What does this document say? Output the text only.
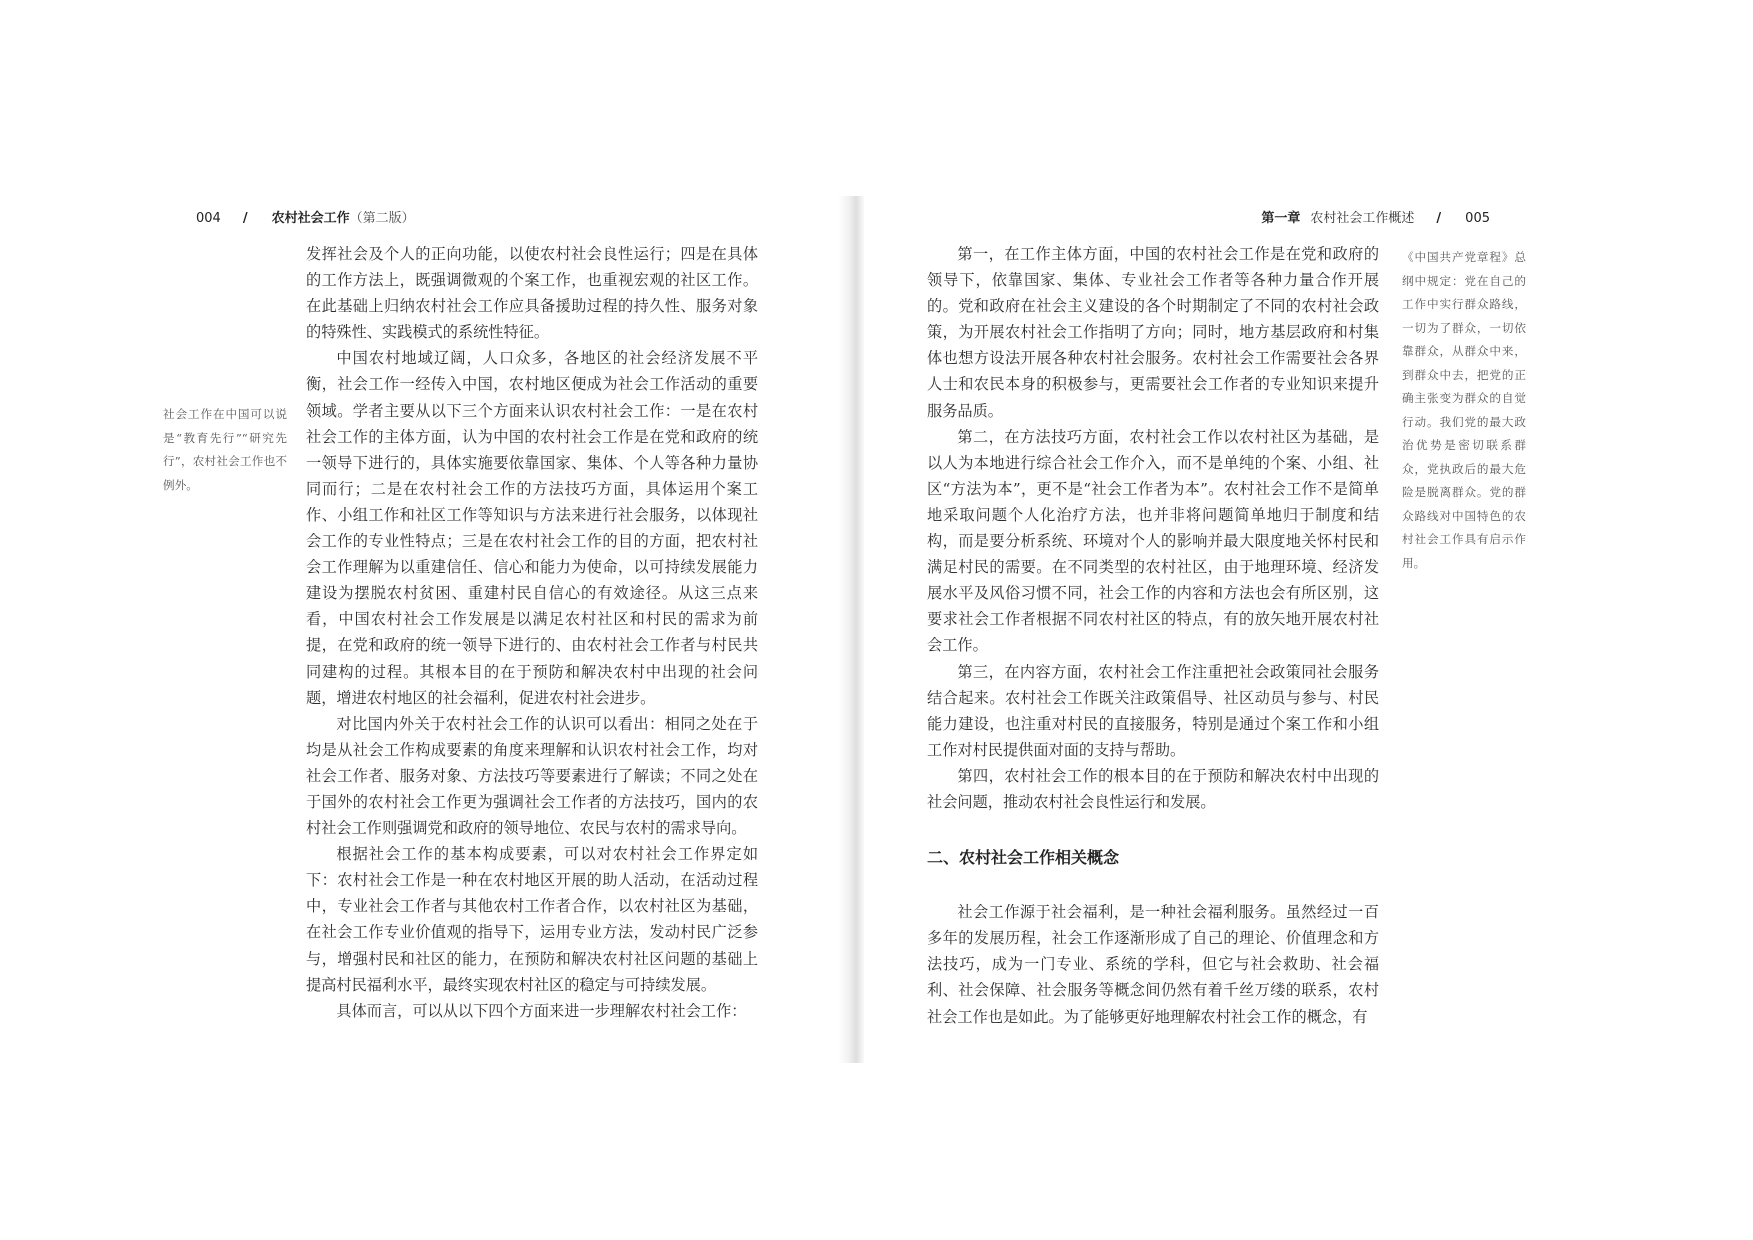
004 / 农村社会工作（第二版）	第一章 农村社会工作概述 / 005
社会工作在中国可以说是“教育先行”“研究先行”，农村社会工作也不例外。

发挥社会及个人的正向功能，以使农村社会良性运行；四是在具体的工作方法上，既强调微观的个案工作，也重视宏观的社区工作。在此基础上归纳农村社会工作应具备援助过程的持久性、服务对象的特殊性、实践模式的系统性特征。

中国农村地域辽阔，人口众多，各地区的社会经济发展不平衡，社会工作一经传入中国，农村地区便成为社会工作活动的重要领域。学者主要从以下三个方面来认识农村社会工作：一是在农村社会工作的主体方面，认为中国的农村社会工作是在党和政府的统一领导下进行的，具体实施要依靠国家、集体、个人等各种力量协同而行；二是在农村社会工作的方法技巧方面，具体运用个案工作、小组工作和社区工作等知识与方法来进行社会服务，以体现社会工作的专业性特点；三是在农村社会工作的目的方面，把农村社会工作理解为以重建信任、信心和能力为使命，以可持续发展能力建设为摆脱农村贫困、重建村民自信心的有效途径。从这三点来看，中国农村社会工作发展是以满足农村社区和村民的需求为前提，在党和政府的统一领导下进行的、由农村社会工作者与村民共同建构的过程。其根本目的在于预防和解决农村中出现的社会问题，增进农村地区的社会福利，促进农村社会进步。

对比国内外关于农村社会工作的认识可以看出：相同之处在于均是从社会工作构成要素的角度来理解和认识农村社会工作，均对社会工作者、服务对象、方法技巧等要素进行了解读；不同之处在于国外的农村社会工作更为强调社会工作者的方法技巧，国内的农村社会工作则强调党和政府的领导地位、农民与农村的需求导向。

根据社会工作的基本构成要素，可以对农村社会工作界定如下：农村社会工作是一种在农村地区开展的助人活动，在活动过程中，专业社会工作者与其他农村工作者合作，以农村社区为基础，在社会工作专业价值观的指导下，运用专业方法，发动村民广泛参与，增强村民和社区的能力，在预防和解决农村社区问题的基础上提高村民福利水平，最终实现农村社区的稳定与可持续发展。

具体而言，可以从以下四个方面来进一步理解农村社会工作：

第一，在工作主体方面，中国的农村社会工作是在党和政府的领导下，依靠国家、集体、专业社会工作者等各种力量合作开展的。党和政府在社会主义建设的各个时期制定了不同的农村社会政策，为开展农村社会工作指明了方向；同时，地方基层政府和村集体也想方设法开展各种农村社会服务。农村社会工作需要社会各界人士和农民本身的积极参与，更需要社会工作者的专业知识来提升服务品质。

第二，在方法技巧方面，农村社会工作以农村社区为基础，是以人为本地进行综合社会工作介入，而不是单纯的个案、小组、社区“方法为本”，更不是“社会工作者为本”。农村社会工作不是简单地采取问题个人化治疗方法，也并非将问题简单地归于制度和结构，而是要分析系统、环境对个人的影响并最大限度地关怀村民和满足村民的需要。在不同类型的农村社区，由于地理环境、经济发展水平及风俗习惯不同，社会工作的内容和方法也会有所区别，这要求社会工作者根据不同农村社区的特点，有的放矢地开展农村社会工作。

第三，在内容方面，农村社会工作注重把社会政策同社会服务结合起来。农村社会工作既关注政策倡导、社区动员与参与、村民能力建设，也注重对村民的直接服务，特别是通过个案工作和小组工作对村民提供面对面的支持与帮助。

第四，农村社会工作的根本目的在于预防和解决农村中出现的社会问题，推动农村社会良性运行和发展。

二、农村社会工作相关概念

社会工作源于社会福利，是一种社会福利服务。虽然经过一百多年的发展历程，社会工作逐渐形成了自己的理论、价值理念和方法技巧，成为一门专业、系统的学科，但它与社会救助、社会福利、社会保障、社会服务等概念间仍然有着千丝万缕的联系，农村社会工作也是如此。为了能够更好地理解农村社会工作的概念，有

《中国共产党章程》总纲中规定：党在自己的工作中实行群众路线，一切为了群众，一切依靠群众，从群众中来，到群众中去，把党的正确主张变为群众的自觉行动。我们党的最大政治优势是密切联系群众，党执政后的最大危险是脱离群众。党的群众路线对中国特色的农村社会工作具有启示作用。
